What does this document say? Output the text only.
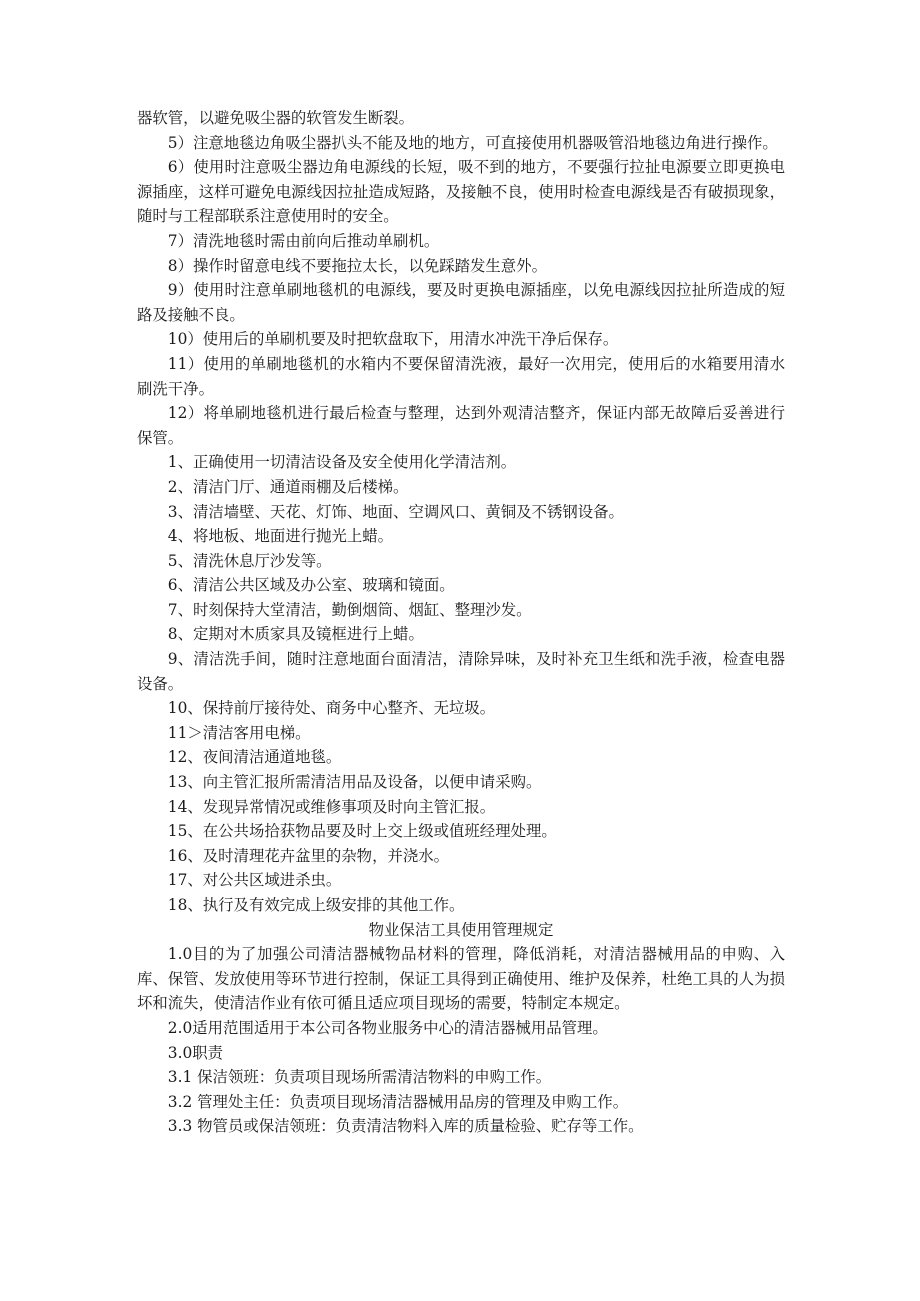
器软管，以避免吸尘器的软管发生断裂。

5）注意地毯边角吸尘器扒头不能及地的地方，可直接使用机器吸管沿地毯边角进行操作。

6）使用时注意吸尘器边角电源线的长短，吸不到的地方，不要强行拉扯电源要立即更换电源插座，这样可避免电源线因拉扯造成短路，及接触不良，使用时检查电源线是否有破损现象，随时与工程部联系注意使用时的安全。

7）清洗地毯时需由前向后推动单刷机。

8）操作时留意电线不要拖拉太长，以免踩踏发生意外。

9）使用时注意单刷地毯机的电源线，要及时更换电源插座，以免电源线因拉扯所造成的短路及接触不良。

10）使用后的单刷机要及时把软盘取下，用清水冲洗干净后保存。

11）使用的单刷地毯机的水箱内不要保留清洗液，最好一次用完，使用后的水箱要用清水刷洗干净。

12）将单刷地毯机进行最后检查与整理，达到外观清洁整齐，保证内部无故障后妥善进行保管。

1、正确使用一切清洁设备及安全使用化学清洁剂。

2、清洁门厅、通道雨棚及后楼梯。

3、清洁墙壁、天花、灯饰、地面、空调风口、黄铜及不锈钢设备。

4、将地板、地面进行抛光上蜡。

5、清洗休息厅沙发等。

6、清洁公共区域及办公室、玻璃和镜面。

7、时刻保持大堂清洁，勤倒烟筒、烟缸、整理沙发。

8、定期对木质家具及镜框进行上蜡。

9、清洁洗手间，随时注意地面台面清洁，清除异味，及时补充卫生纸和洗手液，检查电器设备。

10、保持前厅接待处、商务中心整齐、无垃圾。

11＞清洁客用电梯。

12、夜间清洁通道地毯。

13、向主管汇报所需清洁用品及设备，以便申请采购。

14、发现异常情况或维修事项及时向主管汇报。

15、在公共场拾获物品要及时上交上级或值班经理处理。

16、及时清理花卉盆里的杂物，并浇水。

17、对公共区域进杀虫。

18、执行及有效完成上级安排的其他工作。

物业保洁工具使用管理规定

1.0目的为了加强公司清洁器械物品材料的管理，降低消耗，对清洁器械用品的申购、入库、保管、发放使用等环节进行控制，保证工具得到正确使用、维护及保养，杜绝工具的人为损坏和流失，使清洁作业有依可循且适应项目现场的需要，特制定本规定。

2.0适用范围适用于本公司各物业服务中心的清洁器械用品管理。

3.0职责

3.1 保洁领班：负责项目现场所需清洁物料的申购工作。

3.2 管理处主任：负责项目现场清洁器械用品房的管理及申购工作。

3.3 物管员或保洁领班：负责清洁物料入库的质量检验、贮存等工作。
